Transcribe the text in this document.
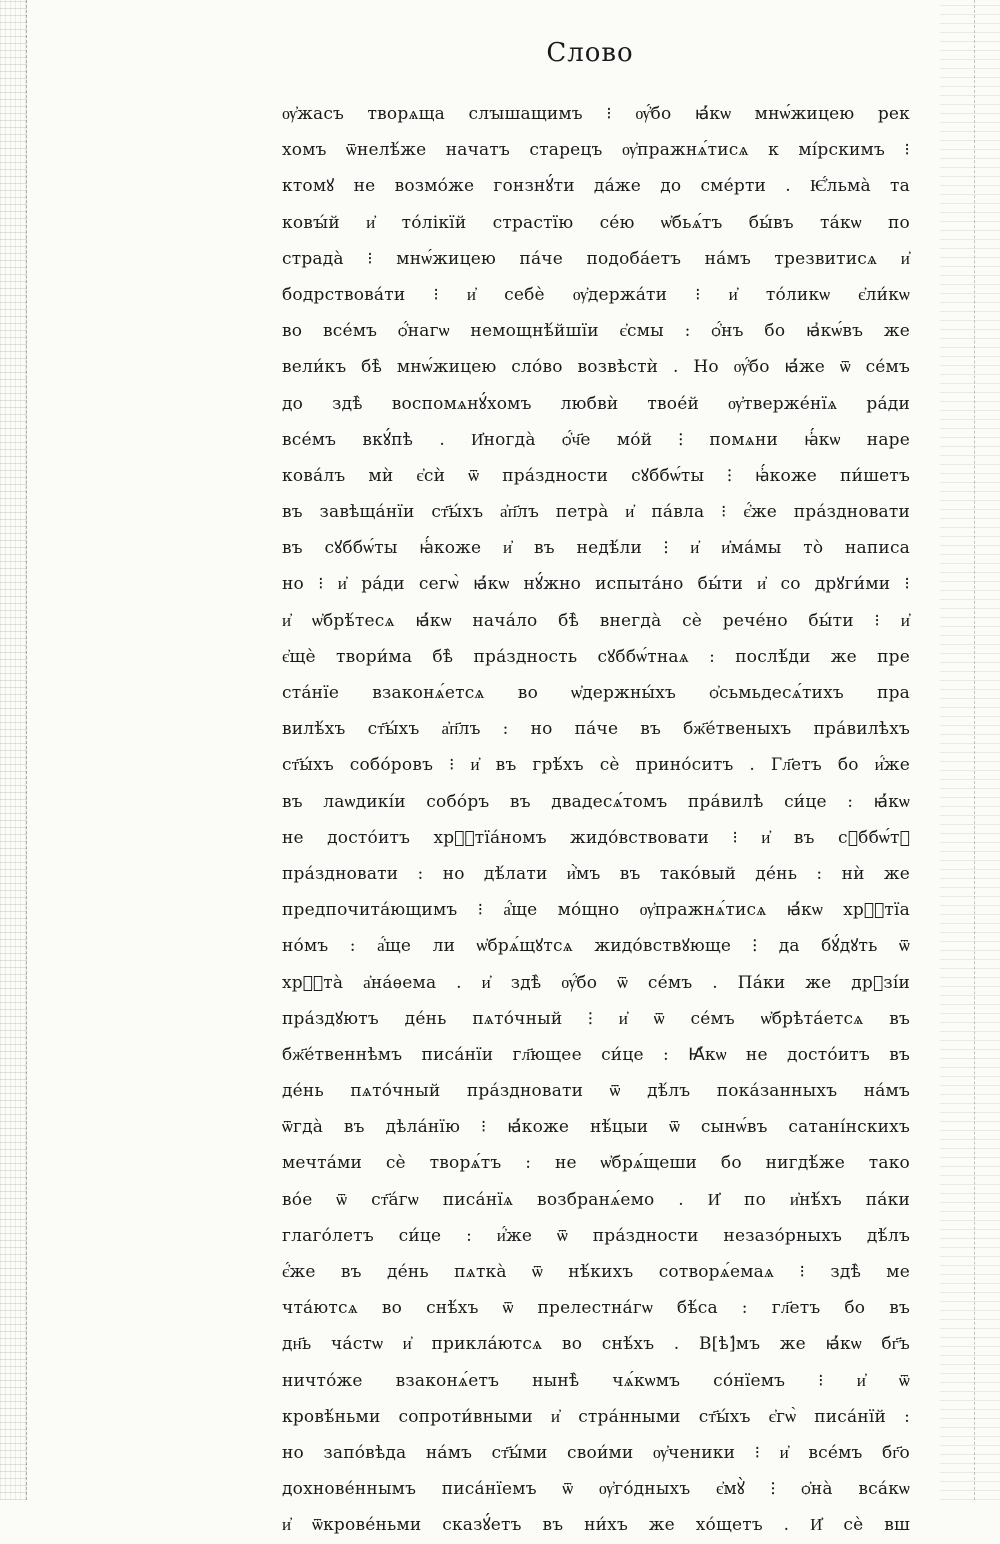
Слово
ѹ҆жасъ творѧща слꙑшащимъ ⁝ ѹ҆́бо ꙗ҆́кѡ мнѡ́жицею рек
хомъ ѿнелѣ́же начатъ старецъ ѹ҆пражнѧ́тисѧ к мі́рскимъ ⁝
ктомꙋ не возмо́же гонзнꙋ́ти да́же до сме́рти . Ѥ҆́льма̀ та
ковꙑ́й и҆ то́лікїй страстїю се́ю ѡ҆бьѧ́тъ бы́въ та́кѡ по
страда̀ ⁝ мнѡ́жицею па́че подоба́етъ на́мъ трезвитисѧ и҆
бодрствова́ти ⁝ и҆ себѐ ѹ҆держа́ти ⁝ и҆ то́ликѡ є҆ли́кѡ
во все́мъ ѻ҆́нагѡ немощнѣ́йшїи є҆смы : ѻ҆́нъ бо ꙗ҆кѡ́въ же
вели́къ бѣ̀ мнѡ́жицею сло́во возвѣстѝ . Но ѹ҆́бо ꙗ҆́же ѿ се́мъ
до здѣ̀ воспомѧнꙋ́хомъ любвѝ твое́й ѹ҆тверже́нїѧ ра́ди
все́мъ вкꙋ́пѣ . И҆ногда̀ ѻ҆́ч҃е мо́й ⁝ помѧни ꙗ҆́кѡ наре
кова́лъ мѝ є҆сѝ ѿ пра́здности сꙋббѡ́ты ⁝ ꙗ҆́коже пи́шетъ
въ завѣща́нїи ст҃ы́хъ а҆п҃лъ петра̀ и҆ па́вла ⁝ є҆́же пра́здновати
въ сꙋббѡ́ты ꙗ҆́коже и҆ въ недѣ́ли ⁝ и҆ и҆ма́мы то̀ написа
но ⁝ и҆ ра́ди сегѡ̀ ꙗ҆́кѡ нꙋ́жно испыта́но бы́ти и҆ со дрꙋги́ми ⁝
и҆ ѡ҆брѣ́тесѧ ꙗ҆́кѡ нача́ло бѣ̀ внегда̀ сѐ рече́но бы́ти ⁝ и҆
є҆щѐ твори́ма бѣ̀ пра́здность сꙋббѡ́тнаѧ : послѣ́ди же пре
ста́нїе взаконѧ́етсѧ во ѡ҆держны́хъ ѻ҆сьмьдесѧ́тихъ пра
вилѣ́хъ ст҃ы́хъ а҆п҃лъ : но па́че въ бж҃е́твеныхъ пра́вилѣхъ
ст҃ы́хъ собо́ровъ ⁝ и҆ въ грѣ́хъ сѐ прино́ситъ . Гл҃етъ бо и҆́же
въ лаѡдикі́и собо́ръ въ двадесѧ́томъ пра́вилѣ си́це : ꙗ҆́кѡ
не досто́итъ хрⷭ҇тїа́номъ жидо́вствовати ⁝ и҆ въ сꙋббѡ́тꙋ
пра́здновати : но дѣ́лати и҆̀мъ въ тако́вый де́нь : нѝ же
предпочита́ющимъ ⁝ а҆́ще мо́щно ѹ҆пражнѧ́тисѧ ꙗ҆́кѡ хрⷭ҇тїа
но́мъ : а҆́ще ли ѡ҆брѧ́щꙋтсѧ жидо́вствꙋюще ⁝ да бꙋ́дꙋть ѿ
хрⷭ҇та̀ а҆на́ѳема . и҆ здѣ̀ ѹ҆́бо ѿ се́мъ . Па́ки же дрꙋзі́и
пра́здꙋютъ де́нь пѧто́чный ⁝ и҆ ѿ се́мъ ѡ҆брѣта́етсѧ въ
бж҃е́твеннѣмъ писа́нїи гл҃ющее си́це : Ꙗ҆́кѡ не досто́итъ въ
де́нь пѧто́чный пра́здновати ѿ дѣ́лъ пока́занныхъ на́мъ
ѿгда̀ въ дѣла́нїю ⁝ ꙗ҆́коже нѣ́цыи ѿ сынѡ́въ сатані́нскихъ
мечта́ми сѐ творѧ́тъ : не ѡ҆брѧ́щеши бо нигдѣ́же тако
во́е ѿ ст҃а́гѡ писа́нїѧ возбранѧ́емо . И҆ по и҆нѣ́хъ па́ки
глаго́летъ си́це : и҆́же ѿ пра́здности незазо́рныхъ дѣ́лъ
є҆́же въ де́нь пѧтка̀ ѿ нѣ́кихъ сотворѧ́емаѧ ⁝ здѣ̀ ме
чта́ютсѧ во снѣ́хъ ѿ прелестна́гѡ бѣ́са : гл҃етъ бо въ
дн҃ь ча́стѡ и҆ прикла́ютсѧ во снѣ́хъ . В[ѣ]́мъ же ꙗ҆́кѡ бг҃ъ
ничто́же взаконѧ́етъ нынѣ̀ чѧ́кѡмъ со́нїемъ ⁝ и҆ ѿ
кровѣ́ньми сопроти́вными и҆ стра́нными ст҃ы́хъ є҆гѡ̀ писа́нїй :
но запо́вѣда на́мъ ст҃ы́ми свои́ми ѹ҆ченики ⁝ и҆ все́мъ бг҃о
дохнове́ннымъ писа́нїемъ ѿ ѹ҆го́дныхъ є҆мꙋ̀ ⁝ ѻ҆на̀ вса́кѡ
и҆ ѿкрове́ньми сказꙋ́етъ въ ни́хъ же хо́щетъ . И҆ сѐ вш
